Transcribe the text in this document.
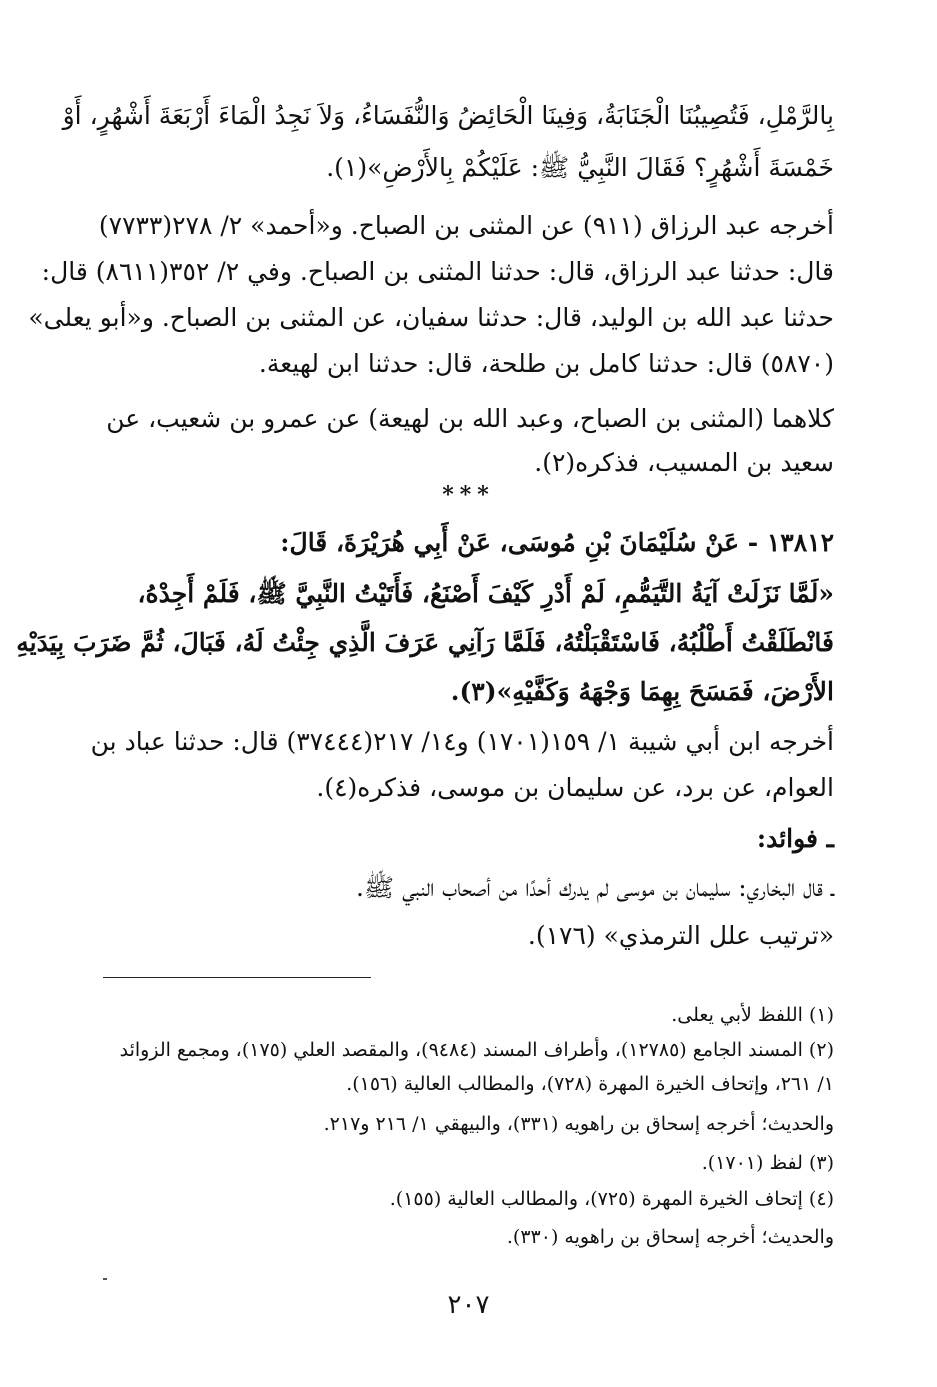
بِالرَّمْلِ، فَتُصِيبُنَا الْجَنَابَةُ، وَفِينَا الْحَائِضُ وَالنُّفَسَاءُ، وَلاَ نَجِدُ الْمَاءَ أَرْبَعَةَ أَشْهُرٍ، أَوْ
خَمْسَةَ أَشْهُرٍ؟ فَقَالَ النَّبِيُّ ﷺ: عَلَيْكُمْ بِالأَرْضِ»(١).
أخرجه عبد الرزاق (٩١١) عن المثنى بن الصباح. و«أحمد» ٢/ ٢٧٨(٧٧٣٣)
قال: حدثنا عبد الرزاق، قال: حدثنا المثنى بن الصباح. وفي ٢/ ٣٥٢(٨٦١١) قال:
حدثنا عبد الله بن الوليد، قال: حدثنا سفيان، عن المثنى بن الصباح. و«أبو يعلى»
(٥٨٧٠) قال: حدثنا كامل بن طلحة، قال: حدثنا ابن لهيعة.
كلاهما (المثنى بن الصباح، وعبد الله بن لهيعة) عن عمرو بن شعيب، عن
سعيد بن المسيب، فذكره(٢).
***
١٣٨١٢ - عَنْ سُلَيْمَانَ بْنِ مُوسَى، عَنْ أَبِي هُرَيْرَةَ، قَالَ:
«لَمَّا نَزَلَتْ آيَةُ التَّيَمُّمِ، لَمْ أَدْرِ كَيْفَ أَصْنَعُ، فَأَتَيْتُ النَّبِيَّ ﷺ، فَلَمْ أَجِدْهُ،
فَانْطَلَقْتُ أَطْلُبُهُ، فَاسْتَقْبَلْتُهُ، فَلَمَّا رَآنِي عَرَفَ الَّذِي جِئْتُ لَهُ، فَبَالَ، ثُمَّ ضَرَبَ بِيَدَيْهِ
الأَرْضَ، فَمَسَحَ بِهِمَا وَجْهَهُ وَكَفَّيْهِ»(٣).
أخرجه ابن أبي شيبة ١/ ١٥٩(١٧٠١) و١٤/ ٢١٧(٣٧٤٤٤) قال: حدثنا عباد بن
العوام، عن برد، عن سليمان بن موسى، فذكره(٤).
ـ فوائد:
ـ قال البخاري: سليمان بن موسى لم يدرك أحدًا من أصحاب النبي ﷺ.
«ترتيب علل الترمذي» (١٧٦).
(١) اللفظ لأبي يعلى.
(٢) المسند الجامع (١٢٧٨٥)، وأطراف المسند (٩٤٨٤)، والمقصد العلي (١٧٥)، ومجمع الزوائد
١/ ٢٦١، وإتحاف الخيرة المهرة (٧٢٨)، والمطالب العالية (١٥٦).
والحديث؛ أخرجه إسحاق بن راهويه (٣٣١)، والبيهقي ١/ ٢١٦ و٢١٧.
(٣) لفظ (١٧٠١).
(٤) إتحاف الخيرة المهرة (٧٢٥)، والمطالب العالية (١٥٥).
والحديث؛ أخرجه إسحاق بن راهويه (٣٣٠).
٢٠٧
